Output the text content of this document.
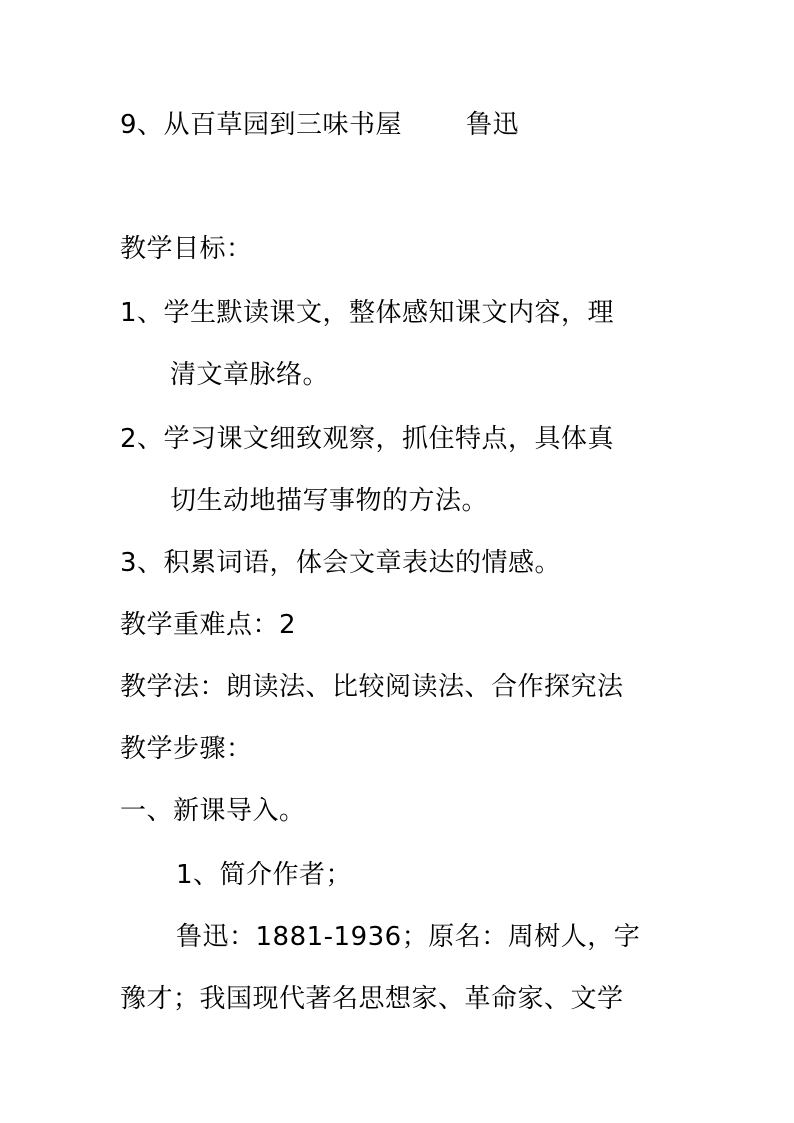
9、从百草园到三味书屋 鲁迅
教学目标：
1、学生默读课文，整体感知课文内容，理
清文章脉络。
2、学习课文细致观察，抓住特点，具体真
切生动地描写事物的方法。
3、积累词语，体会文章表达的情感。
教学重难点：2
教学法：朗读法、比较阅读法、合作探究法
教学步骤：
一、新课导入。
1、简介作者；
鲁迅：1881-1936；原名：周树人，字
豫才；我国现代著名思想家、革命家、文学
